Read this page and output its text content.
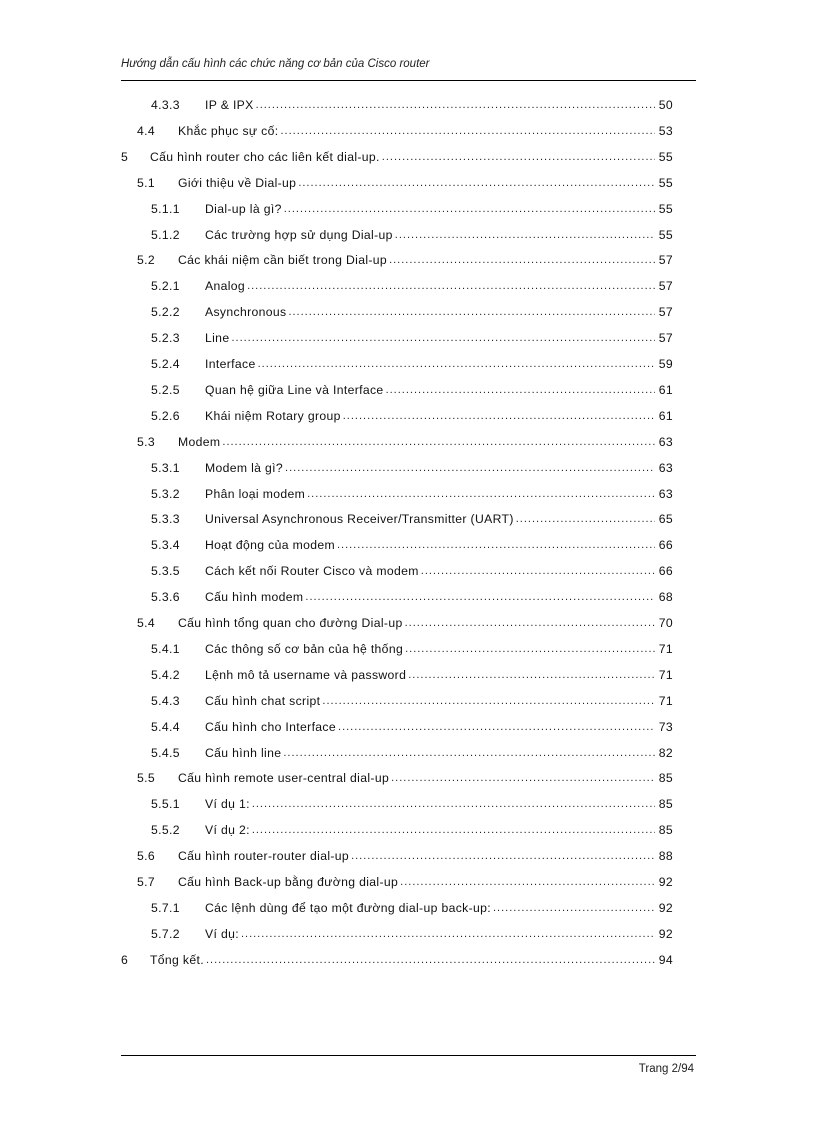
Hướng dẫn cấu hình các chức năng cơ bản của Cisco router
4.3.3	IP & IPX .....	50
4.4	Khắc phục sự cố: .....	53
5	Cấu hình router cho các liên kết dial-up. .....	55
5.1	Giới thiệu về Dial-up .....	55
5.1.1	Dial-up là gì? .....	55
5.1.2	Các trường hợp sử dụng Dial-up .....	55
5.2	Các khái niệm cần biết trong Dial-up .....	57
5.2.1	Analog .....	57
5.2.2	Asynchronous .....	57
5.2.3	Line .....	57
5.2.4	Interface .....	59
5.2.5	Quan hệ giữa Line và Interface .....	61
5.2.6	Khái niệm Rotary group .....	61
5.3	Modem .....	63
5.3.1	Modem là gì? .....	63
5.3.2	Phân loại modem .....	63
5.3.3	Universal Asynchronous Receiver/Transmitter (UART) .....	65
5.3.4	Hoạt động của modem .....	66
5.3.5	Cách kết nối Router Cisco và modem .....	66
5.3.6	Cấu hình modem .....	68
5.4	Cấu hình tổng quan cho đường Dial-up .....	70
5.4.1	Các thông số cơ bản của hệ thống .....	71
5.4.2	Lệnh mô tả username và password .....	71
5.4.3	Cấu hình chat script .....	71
5.4.4	Cấu hình cho Interface .....	73
5.4.5	Cấu hình line .....	82
5.5	Cấu hình remote user-central dial-up .....	85
5.5.1	Ví dụ 1: .....	85
5.5.2	Ví dụ 2: .....	85
5.6	Cấu hình router-router dial-up .....	88
5.7	Cấu hình Back-up bằng đường dial-up .....	92
5.7.1	Các lệnh dùng để tạo một đường dial-up back-up: .....	92
5.7.2	Ví dụ: .....	92
6	Tổng kết. .....	94
Trang 2/94
